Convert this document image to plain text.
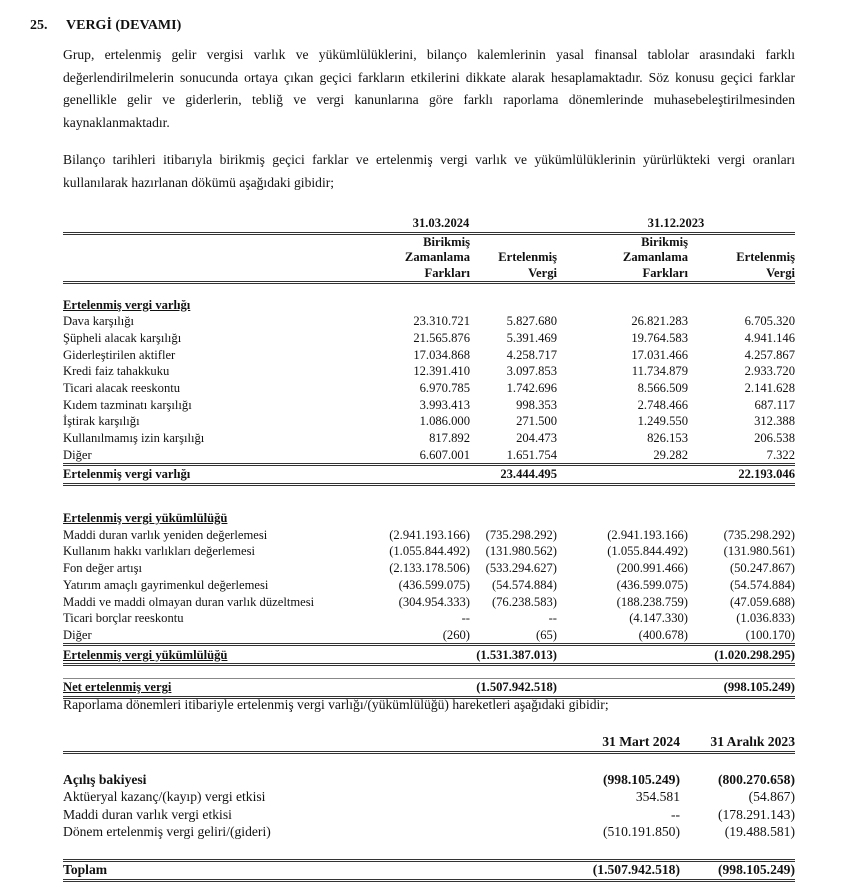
25. VERGİ (DEVAMI)
Grup, ertelenmiş gelir vergisi varlık ve yükümlülüklerini, bilanço kalemlerinin yasal finansal tablolar arasındaki farklı değerlendirilmelerin sonucunda ortaya çıkan geçici farkların etkilerini dikkate alarak hesaplamaktadır. Söz konusu geçici farklar genellikle gelir ve giderlerin, tebliğ ve vergi kanunlarına göre farklı raporlama dönemlerinde muhasebeleştirilmesinden kaynaklanmaktadır.
Bilanço tarihleri itibarıyla birikmiş geçici farklar ve ertelenmiş vergi varlık ve yükümlülüklerinin yürürlükteki vergi oranları kullanılarak hazırlanan dökümü aşağıdaki gibidir;
	31.03.2024		31.12.2023	
	Birikmiş		Birikmiş	
	Zamanlama	Ertelenmiş	Zamanlama	Ertelenmiş
	Farkları	Vergi	Farkları	Vergi

Ertelenmiş vergi varlığı				
Dava karşılığı	23.310.721	5.827.680	26.821.283	6.705.320
Şüpheli alacak karşılığı	21.565.876	5.391.469	19.764.583	4.941.146
Giderleştirilen aktifler	17.034.868	4.258.717	17.031.466	4.257.867
Kredi faiz tahakkuku	12.391.410	3.097.853	11.734.879	2.933.720
Ticari alacak reeskontu	6.970.785	1.742.696	8.566.509	2.141.628
Kıdem tazminatı karşılığı	3.993.413	998.353	2.748.466	687.117
İştirak karşılığı	1.086.000	271.500	1.249.550	312.388
Kullanılmamış izin karşılığı	817.892	204.473	826.153	206.538
Diğer	6.607.001	1.651.754	29.282	7.322
Ertelenmiş vergi varlığı		23.444.495		22.193.046

Ertelenmiş vergi yükümlülüğü				
Maddi duran varlık yeniden değerlemesi	(2.941.193.166)	(735.298.292)	(2.941.193.166)	(735.298.292)
Kullanım hakkı varlıkları değerlemesi	(1.055.844.492)	(131.980.562)	(1.055.844.492)	(131.980.561)
Fon değer artışı	(2.133.178.506)	(533.294.627)	(200.991.466)	(50.247.867)
Yatırım amaçlı gayrimenkul değerlemesi	(436.599.075)	(54.574.884)	(436.599.075)	(54.574.884)
Maddi ve maddi olmayan duran varlık düzeltmesi	(304.954.333)	(76.238.583)	(188.238.759)	(47.059.688)
Ticari borçlar reeskontu	--	--	(4.147.330)	(1.036.833)
Diğer	(260)	(65)	(400.678)	(100.170)
Ertelenmiş vergi yükümlülüğü		(1.531.387.013)		(1.020.298.295)

Net ertelenmiş vergi		(1.507.942.518)		(998.105.249)
Raporlama dönemleri itibariyle ertelenmiş vergi varlığı/(yükümlülüğü) hareketleri aşağıdaki gibidir;
	31 Mart 2024	31 Aralık 2023

Açılış bakiyesi	(998.105.249)	(800.270.658)
Aktüeryal kazanç/(kayıp) vergi etkisi	354.581	(54.867)
Maddi duran varlık vergi etkisi	--	(178.291.143)
Dönem ertelenmiş vergi geliri/(gideri)	(510.191.850)	(19.488.581)

Toplam	(1.507.942.518)	(998.105.249)
